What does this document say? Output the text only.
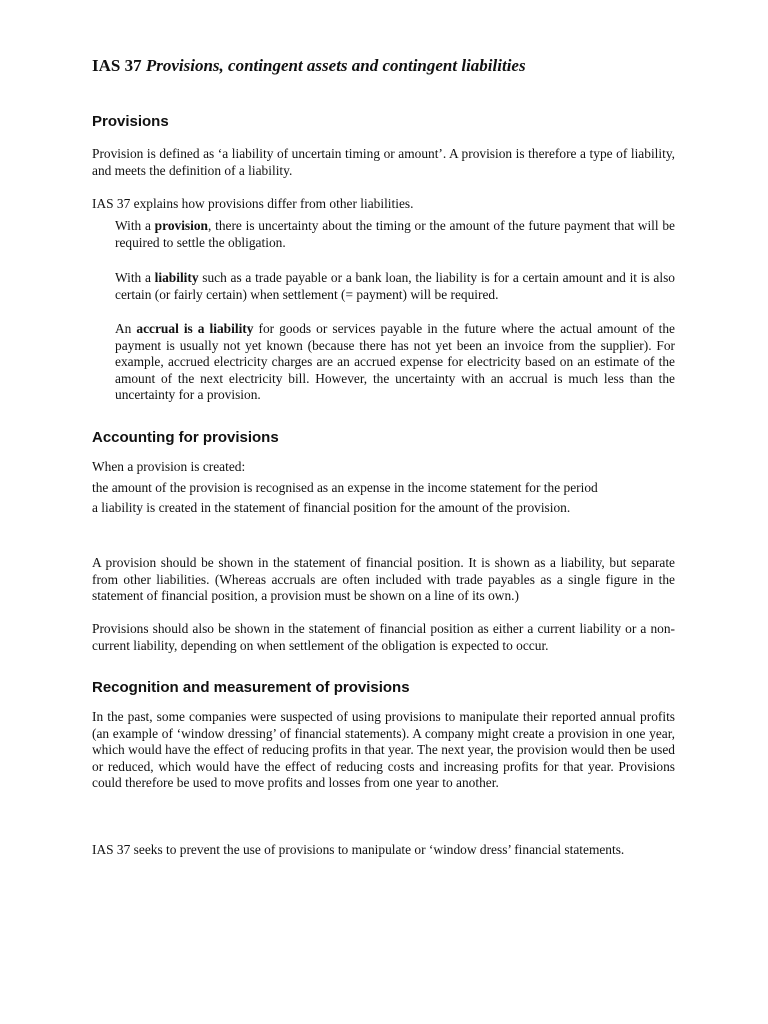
IAS 37 Provisions, contingent assets and contingent liabilities
Provisions

Provision is defined as ‘a liability of uncertain timing or amount’. A provision is therefore a type of liability, and meets the definition of a liability.

IAS 37 explains how provisions differ from other liabilities.

With a provision, there is uncertainty about the timing or the amount of the future payment that will be required to settle the obligation.

With a liability such as a trade payable or a bank loan, the liability is for a certain amount and it is also certain (or fairly certain) when settlement (= payment) will be required.

An accrual is a liability for goods or services payable in the future where the actual amount of the payment is usually not yet known (because there has not yet been an invoice from the supplier). For example, accrued electricity charges are an accrued expense for electricity based on an estimate of the amount of the next electricity bill. However, the uncertainty with an accrual is much less than the uncertainty for a provision.

Accounting for provisions

When a provision is created:

the amount of the provision is recognised as an expense in the income statement for the period

a liability is created in the statement of financial position for the amount of the provision.

A provision should be shown in the statement of financial position. It is shown as a liability, but separate from other liabilities. (Whereas accruals are often included with trade payables as a single figure in the statement of financial position, a provision must be shown on a line of its own.)

Provisions should also be shown in the statement of financial position as either a current liability or a non-current liability, depending on when settlement of the obligation is expected to occur.

Recognition and measurement of provisions

In the past, some companies were suspected of using provisions to manipulate their reported annual profits (an example of ‘window dressing’ of financial statements). A company might create a provision in one year, which would have the effect of reducing profits in that year. The next year, the provision would then be used or reduced, which would have the effect of reducing costs and increasing profits for that year. Provisions could therefore be used to move profits and losses from one year to another.

IAS 37 seeks to prevent the use of provisions to manipulate or ‘window dress’ financial statements.
